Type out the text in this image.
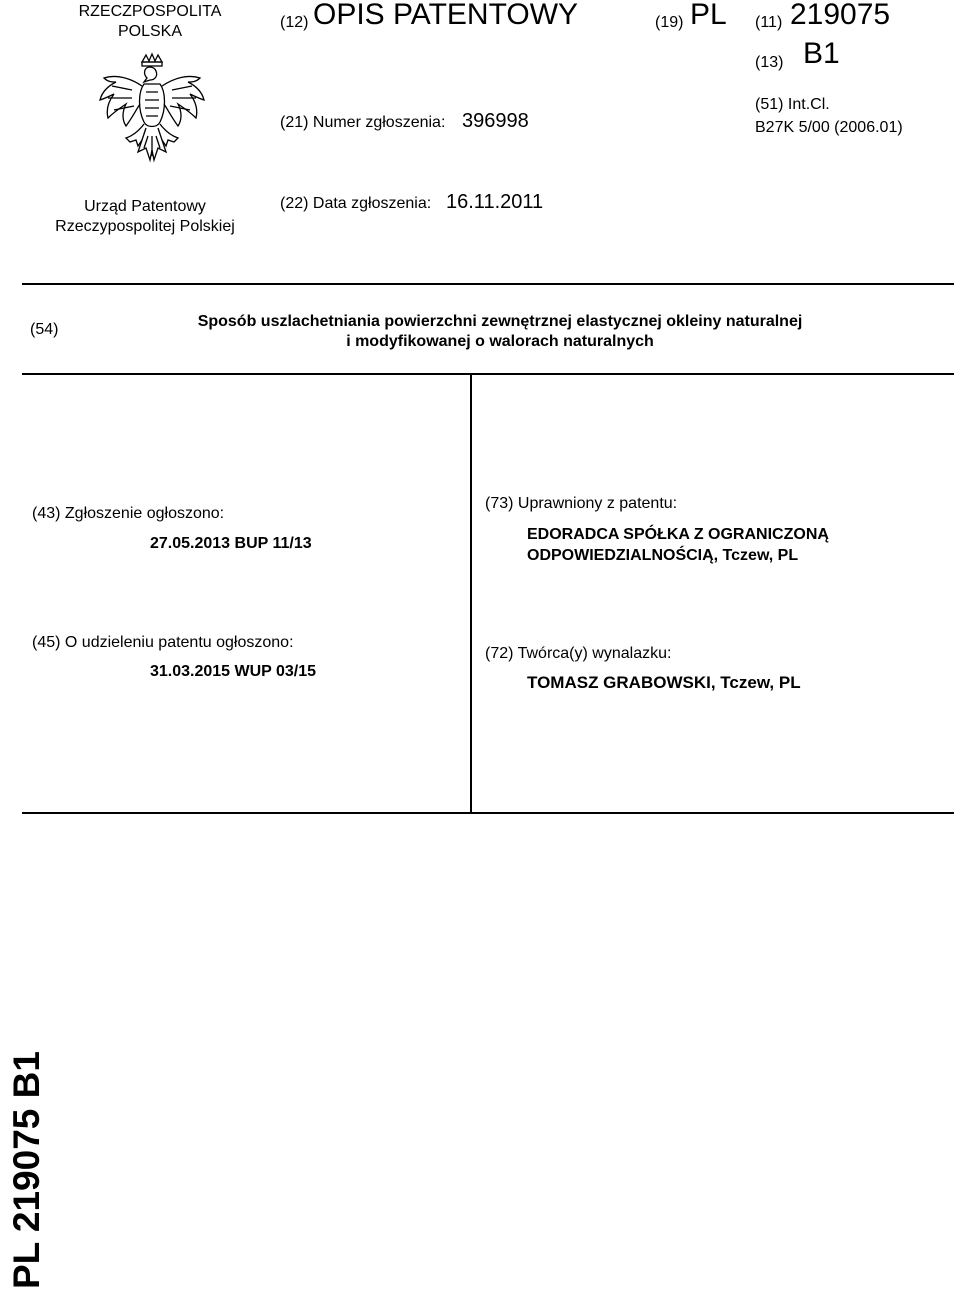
RZECZPOSPOLITA
POLSKA
Urząd Patentowy
Rzeczypospolitej Polskiej
(12) OPIS PATENTOWY	(19) PL (11) 219075
(13) B1
(21) Numer zgłoszenia: 396998
(51) Int.Cl.
B27K 5/00 (2006.01)
(22) Data zgłoszenia: 16.11.2011
(54)	Sposób uszlachetniania powierzchni zewnętrznej elastycznej okleiny naturalnej
i modyfikowanej o walorach naturalnych
(43) Zgłoszenie ogłoszono:
27.05.2013 BUP 11/13
(45) O udzieleniu patentu ogłoszono:
31.03.2015 WUP 03/15
(73) Uprawniony z patentu:
EDORADCA SPÓŁKA Z OGRANICZONĄ
ODPOWIEDZIALNOŚCIĄ, Tczew, PL
(72) Twórca(y) wynalazku:
TOMASZ GRABOWSKI, Tczew, PL
PL 219075 B1
